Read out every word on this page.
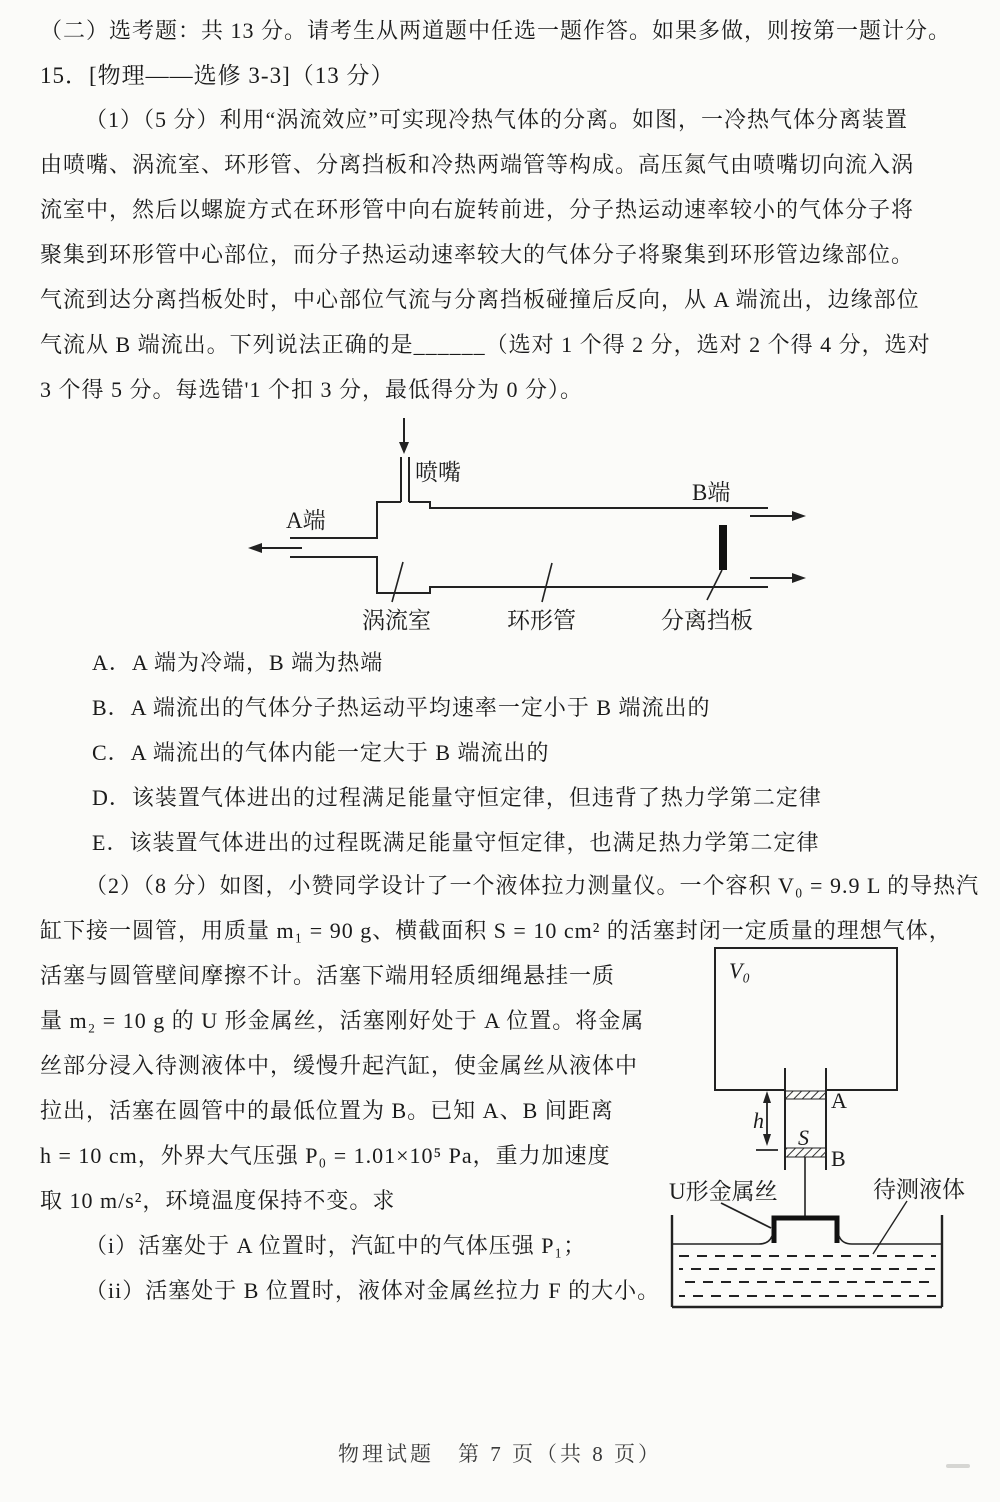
（二）选考题：共 13 分。请考生从两道题中任选一题作答。如果多做，则按第一题计分。
15．[物理——选修 3-3]（13 分）
（1）（5 分）利用“涡流效应”可实现冷热气体的分离。如图，一冷热气体分离装置
由喷嘴、涡流室、环形管、分离挡板和冷热两端管等构成。高压氮气由喷嘴切向流入涡
流室中，然后以螺旋方式在环形管中向右旋转前进，分子热运动速率较小的气体分子将
聚集到环形管中心部位，而分子热运动速率较大的气体分子将聚集到环形管边缘部位。
气流到达分离挡板处时，中心部位气流与分离挡板碰撞后反向，从 A 端流出，边缘部位
气流从 B 端流出。下列说法正确的是______（选对 1 个得 2 分，选对 2 个得 4 分，选对
3 个得 5 分。每选错'1 个扣 3 分，最低得分为 0 分）。
喷嘴
A端
B端
涡流室	环形管	分离挡板
A．A 端为冷端，B 端为热端
B．A 端流出的气体分子热运动平均速率一定小于 B 端流出的
C．A 端流出的气体内能一定大于 B 端流出的
D．该装置气体进出的过程满足能量守恒定律，但违背了热力学第二定律
E．该装置气体进出的过程既满足能量守恒定律，也满足热力学第二定律
（2）（8 分）如图，小赞同学设计了一个液体拉力测量仪。一个容积 V₀ = 9.9 L 的导热汽
缸下接一圆管，用质量 m₁ = 90 g、横截面积 S = 10 cm² 的活塞封闭一定质量的理想气体，
活塞与圆管壁间摩擦不计。活塞下端用轻质细绳悬挂一质
量 m₂ = 10 g 的 U 形金属丝，活塞刚好处于 A 位置。将金属
丝部分浸入待测液体中，缓慢升起汽缸，使金属丝从液体中
拉出，活塞在圆管中的最低位置为 B。已知 A、B 间距离
h = 10 cm，外界大气压强 P₀ = 1.01×10⁵ Pa，重力加速度
取 10 m/s²，环境温度保持不变。求
V₀
A
B
h
S
U形金属丝	待测液体
（i）活塞处于 A 位置时，汽缸中的气体压强 P₁；
（ii）活塞处于 B 位置时，液体对金属丝拉力 F 的大小。
物理试题　第 7 页（共 8 页）
